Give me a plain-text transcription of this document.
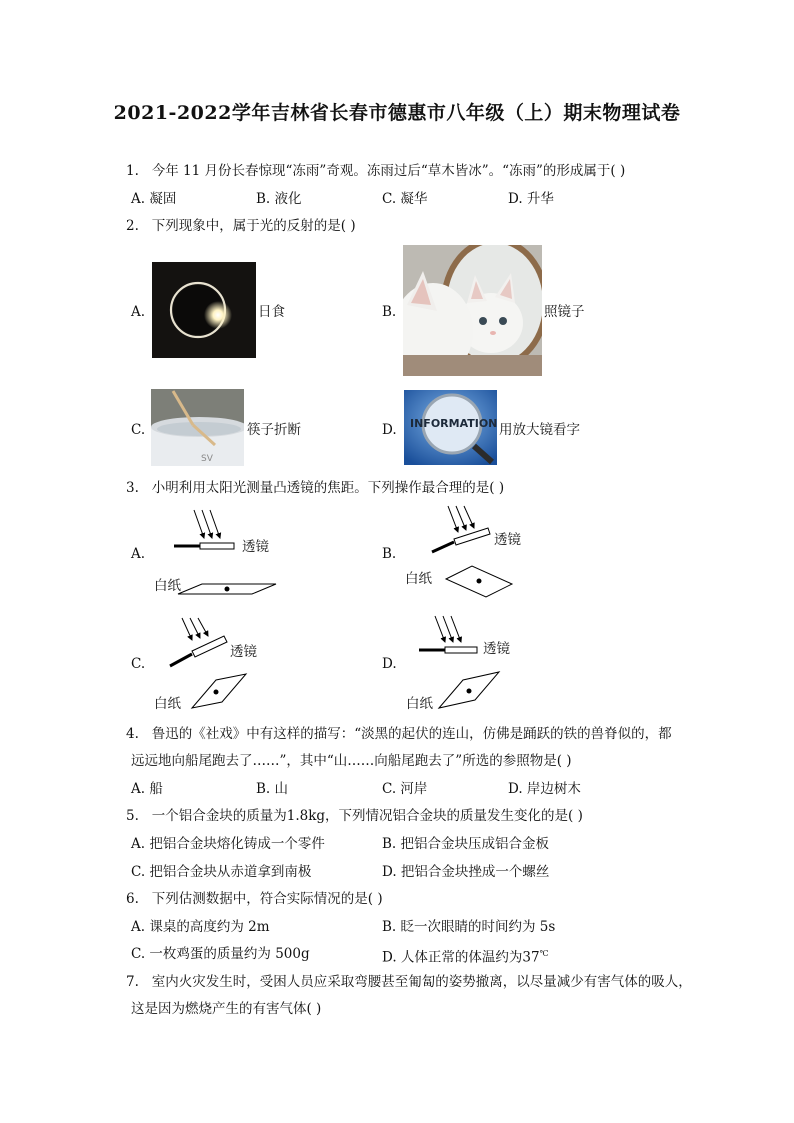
2021-2022学年吉林省长春市德惠市八年级（上）期末物理试卷
1. 今年 11 月份长春惊现“冻雨”奇观。冻雨过后“草木皆冰”。“冻雨”的形成属于( )
A. 凝固	B. 液化	C. 凝华	D. 升华
2. 下列现象中，属于光的反射的是( )
A.	日食	B.	照镜子
C.
SV
筷子折断	D. INFORMATION 用放大镜看字
3. 小明利用太阳光测量凸透镜的焦距。下列操作最合理的是( )
A.	透镜
白纸
B.
透镜
白纸
C.
透镜
白纸
D.
透镜
白纸
4. 鲁迅的《社戏》中有这样的描写：“淡黑的起伏的连山，仿佛是踊跃的铁的兽脊似的，都
远远地向船尾跑去了……”，其中“山……向船尾跑去了”所选的参照物是( )
A. 船	B. 山	C. 河岸	D. 岸边树木
5. 一个铝合金块的质量为1.8kg，下列情况铝合金块的质量发生变化的是( )
A. 把铝合金块熔化铸成一个零件	B. 把铝合金块压成铝合金板
C. 把铝合金块从赤道拿到南极	D. 把铝合金块挫成一个螺丝
6. 下列估测数据中，符合实际情况的是( )
A. 课桌的高度约为 2m	B. 眨一次眼睛的时间约为 5s
C. 一枚鸡蛋的质量约为 500g	D. 人体正常的体温约为37℃
7. 室内火灾发生时，受困人员应采取弯腰甚至匍匐的姿势撤离，以尽量减少有害气体的吸人，
这是因为燃烧产生的有害气体( )
